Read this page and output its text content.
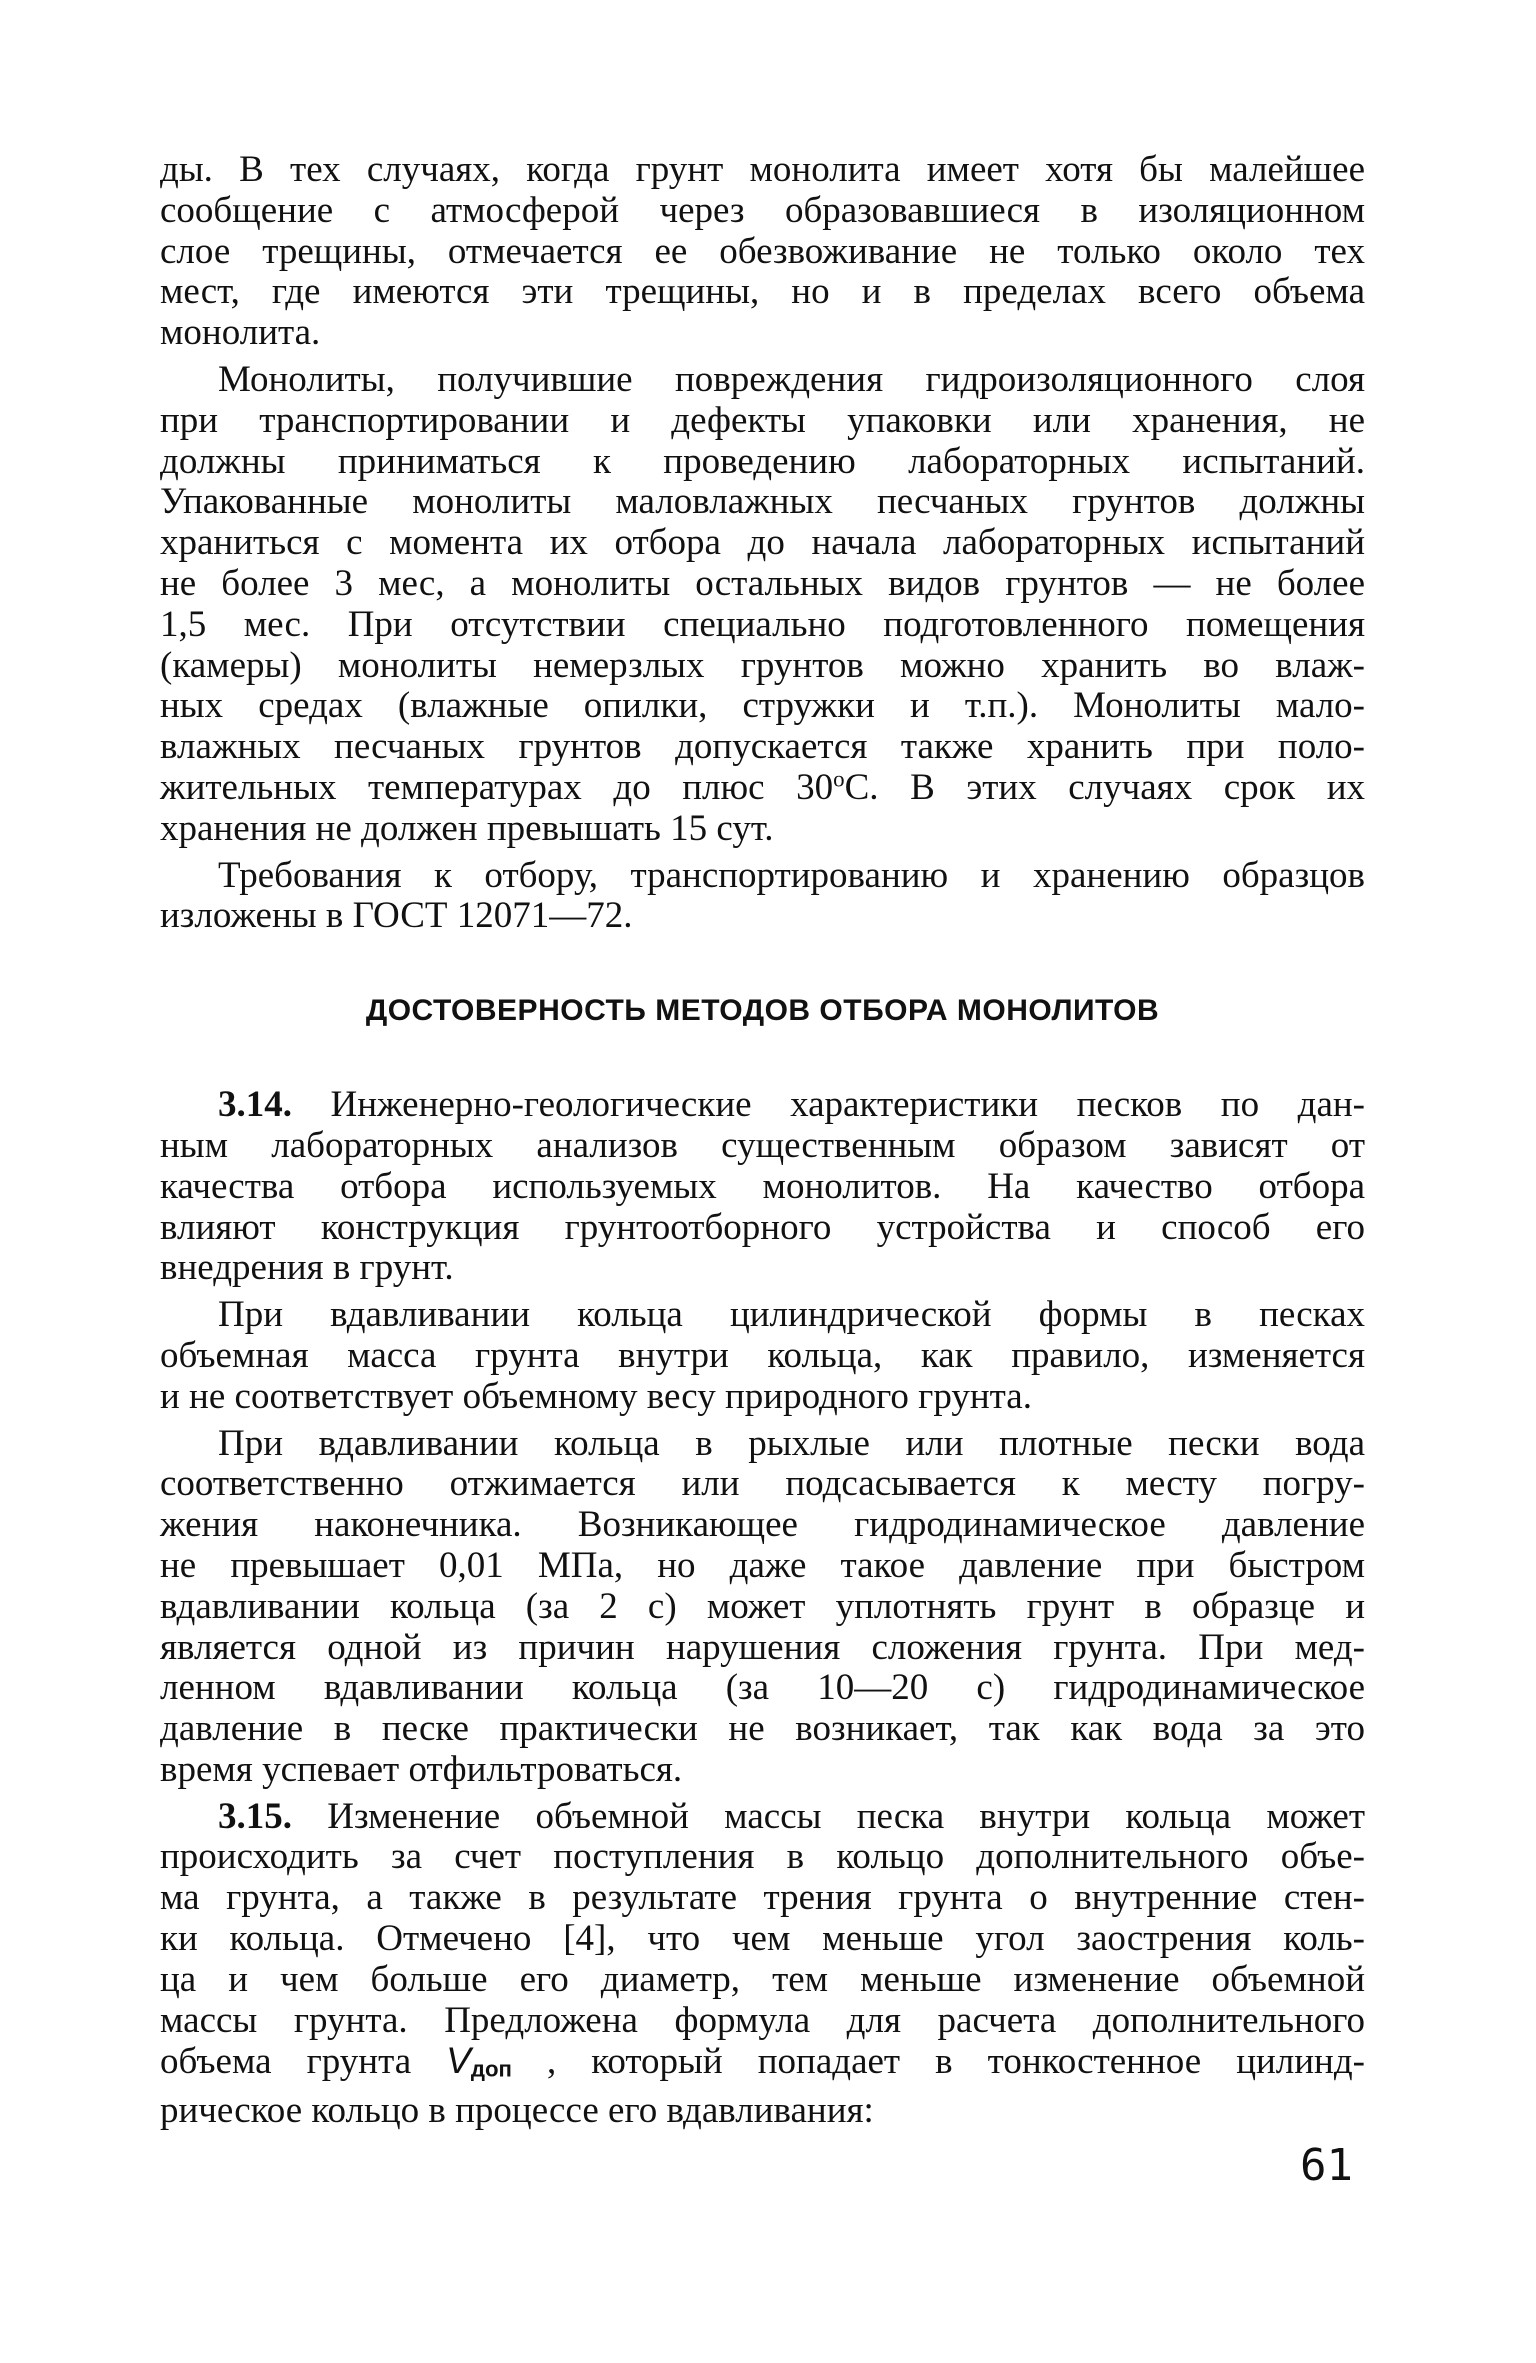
ды. В тех случаях, когда грунт монолита имеет хотя бы малейшее
сообщение с атмосферой через образовавшиеся в изоляционном
слое трещины, отмечается ее обезвоживание не только около тех
мест, где имеются эти трещины, но и в пределах всего объема
монолита.

Монолиты, получившие повреждения гидроизоляционного слоя
при транспортировании и дефекты упаковки или хранения, не
должны приниматься к проведению лабораторных испытаний.
Упакованные монолиты маловлажных песчаных грунтов должны
храниться с момента их отбора до начала лабораторных испытаний
не более 3 мес, а монолиты остальных видов грунтов — не более
1,5 мес. При отсутствии специально подготовленного помещения
(камеры) монолиты немерзлых грунтов можно хранить во влаж-
ных средах (влажные опилки, стружки и т.п.). Монолиты мало-
влажных песчаных грунтов допускается также хранить при поло-
жительных температурах до плюс $30^оС$. В этих случаях срок их
хранения не должен превышать 15 сут.

Требования к отбору, транспортированию и хранению образцов
изложены в ГОСТ 12071—72.

ДОСТОВЕРНОСТЬ МЕТОДОВ ОТБОРА МОНОЛИТОВ

3.14. Инженерно-геологические характеристики песков по дан-
ным лабораторных анализов существенным образом зависят от
качества отбора используемых монолитов. На качество отбора
влияют конструкция грунтоотборного устройства и способ его
внедрения в грунт.

При вдавливании кольца цилиндрической формы в песках
объемная масса грунта внутри кольца, как правило, изменяется
и не соответствует объемному весу природного грунта.

При вдавливании кольца в рыхлые или плотные пески вода
соответственно отжимается или подсасывается к месту погру-
жения наконечника. Возникающее гидродинамическое давление
не превышает 0,01 МПа, но даже такое давление при быстром
вдавливании кольца (за 2 с) может уплотнять грунт в образце и
является одной из причин нарушения сложения грунта. При мед-
ленном вдавливании кольца (за 10—20 с) гидродинамическое
давление в песке практически не возникает, так как вода за это
время успевает отфильтроваться.

3.15. Изменение объемной массы песка внутри кольца может
происходить за счет поступления в кольцо дополнительного объе-
ма грунта, а также в результате трения грунта о внутренние стен-
ки кольца. Отмечено [4], что чем меньше угол заострения коль-
ца и чем больше его диаметр, тем меньше изменение объемной
массы грунта. Предложена формула для расчета дополнительного
объема грунта Vдоп , который попадает в тонкостенное цилинд-
рическое кольцо в процессе его вдавливания:

61
